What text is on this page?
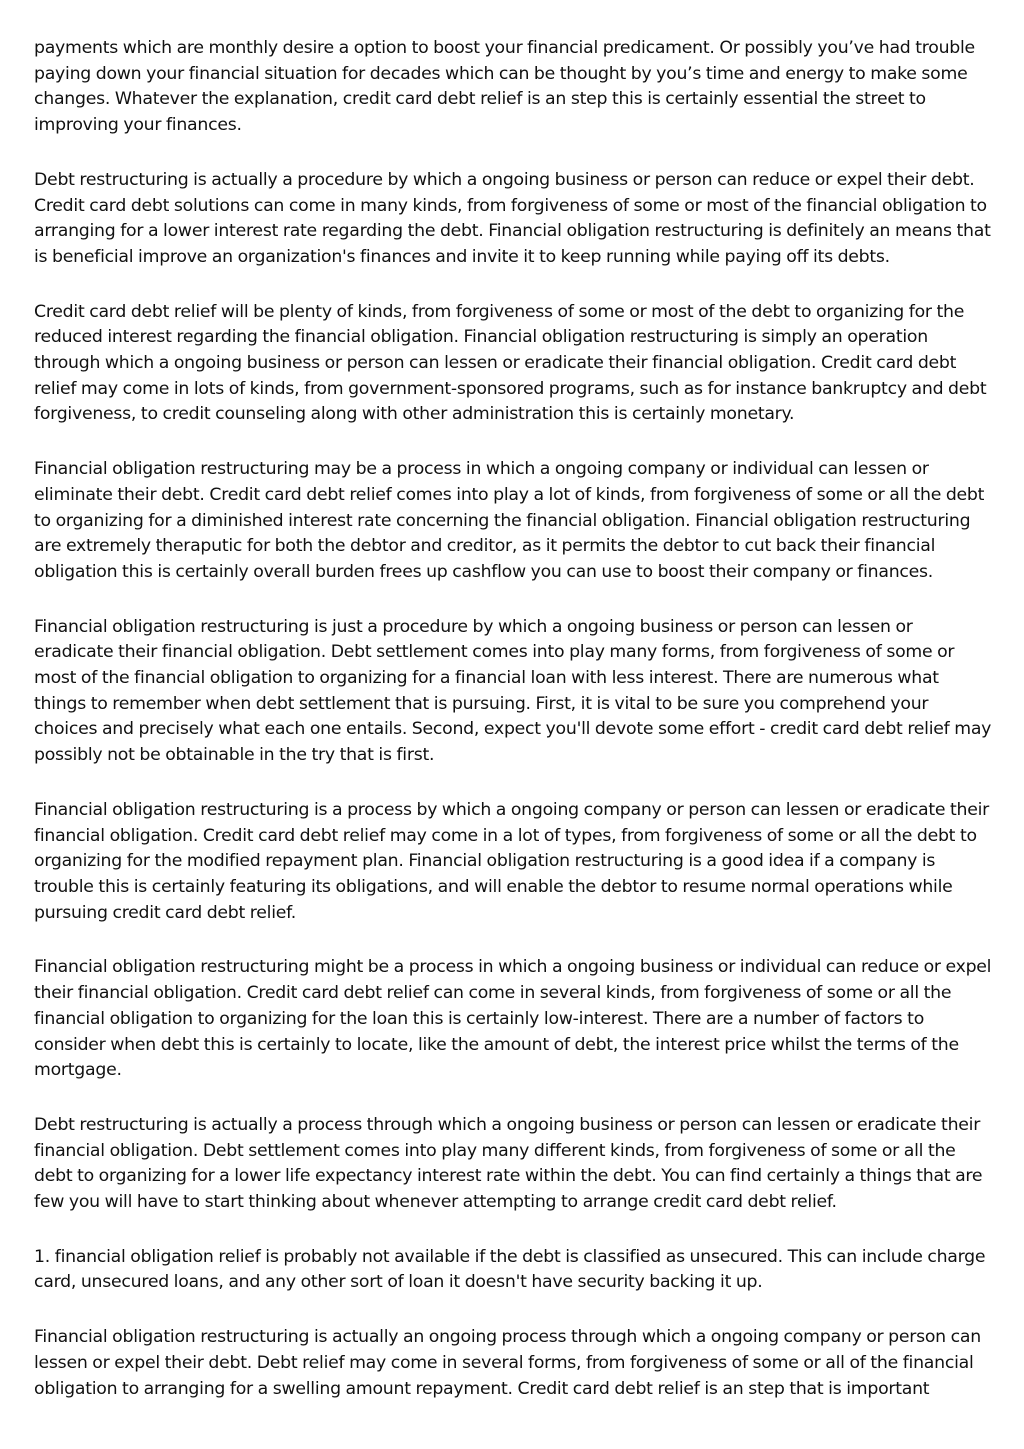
payments which are monthly desire a option to boost your financial predicament. Or possibly you’ve had trouble paying down your financial situation for decades which can be thought by you’s time and energy to make some changes. Whatever the explanation, credit card debt relief is an step this is certainly essential the street to improving your finances.

Debt restructuring is actually a procedure by which a ongoing business or person can reduce or expel their debt. Credit card debt solutions can come in many kinds, from forgiveness of some or most of the financial obligation to arranging for a lower interest rate regarding the debt. Financial obligation restructuring is definitely an means that is beneficial improve an organization's finances and invite it to keep running while paying off its debts.

Credit card debt relief will be plenty of kinds, from forgiveness of some or most of the debt to organizing for the reduced interest regarding the financial obligation. Financial obligation restructuring is simply an operation through which a ongoing business or person can lessen or eradicate their financial obligation. Credit card debt relief may come in lots of kinds, from government-sponsored programs, such as for instance bankruptcy and debt forgiveness, to credit counseling along with other administration this is certainly monetary.

Financial obligation restructuring may be a process in which a ongoing company or individual can lessen or eliminate their debt. Credit card debt relief comes into play a lot of kinds, from forgiveness of some or all the debt to organizing for a diminished interest rate concerning the financial obligation. Financial obligation restructuring are extremely theraputic for both the debtor and creditor, as it permits the debtor to cut back their financial obligation this is certainly overall burden frees up cashflow you can use to boost their company or finances.

Financial obligation restructuring is just a procedure by which a ongoing business or person can lessen or eradicate their financial obligation. Debt settlement comes into play many forms, from forgiveness of some or most of the financial obligation to organizing for a financial loan with less interest. There are numerous what things to remember when debt settlement that is pursuing. First, it is vital to be sure you comprehend your choices and precisely what each one entails. Second, expect you'll devote some effort - credit card debt relief may possibly not be obtainable in the try that is first.

Financial obligation restructuring is a process by which a ongoing company or person can lessen or eradicate their financial obligation. Credit card debt relief may come in a lot of types, from forgiveness of some or all the debt to organizing for the modified repayment plan. Financial obligation restructuring is a good idea if a company is trouble this is certainly featuring its obligations, and will enable the debtor to resume normal operations while pursuing credit card debt relief.

Financial obligation restructuring might be a process in which a ongoing business or individual can reduce or expel their financial obligation. Credit card debt relief can come in several kinds, from forgiveness of some or all the financial obligation to organizing for the loan this is certainly low-interest. There are a number of factors to consider when debt this is certainly to locate, like the amount of debt, the interest price whilst the terms of the mortgage.

Debt restructuring is actually a process through which a ongoing business or person can lessen or eradicate their financial obligation. Debt settlement comes into play many different kinds, from forgiveness of some or all the debt to organizing for a lower life expectancy interest rate within the debt. You can find certainly a things that are few you will have to start thinking about whenever attempting to arrange credit card debt relief.

1. financial obligation relief is probably not available if the debt is classified as unsecured. This can include charge card, unsecured loans, and any other sort of loan it doesn't have security backing it up.

Financial obligation restructuring is actually an ongoing process through which a ongoing company or person can lessen or expel their debt. Debt relief may come in several forms, from forgiveness of some or all of the financial obligation to arranging for a swelling amount repayment. Credit card debt relief is an step that is important
